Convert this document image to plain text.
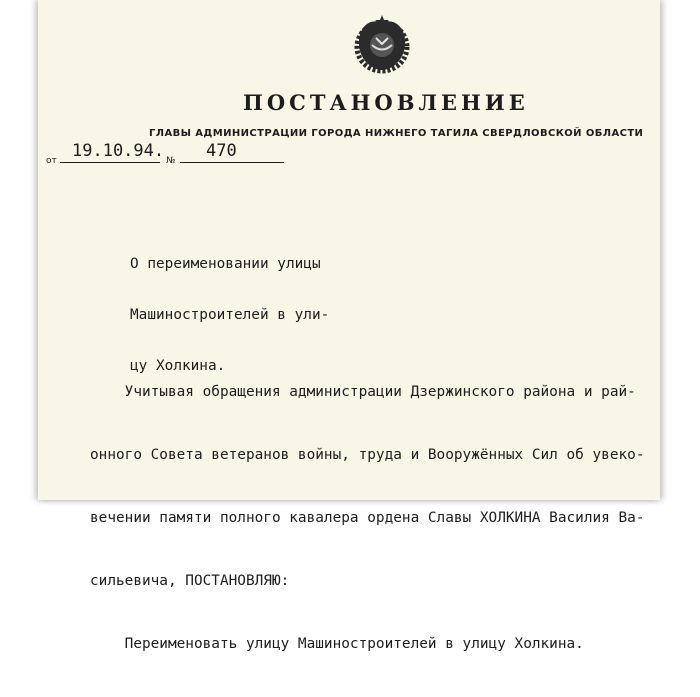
ПОСТАНОВЛЕНИЕ
ГЛАВЫ АДМИНИСТРАЦИИ ГОРОДА НИЖНЕГО ТАГИЛА СВЕРДЛОВСКОЙ ОБЛАСТИ
от 19.10.94. № 470

О переименовании улицы

Машиностроителей в ули-

цу Холкина.

Учитывая обращения администрации Дзержинского района и рай-

онного Совета ветеранов войны, труда и Вооружённых Сил об увеко-

вечении памяти полного кавалера ордена Славы ХОЛКИНА Василия Ва-

сильевича, ПОСТАНОВЛЯЮ:

Переименовать улицу Машиностроителей в улицу Холкина.
